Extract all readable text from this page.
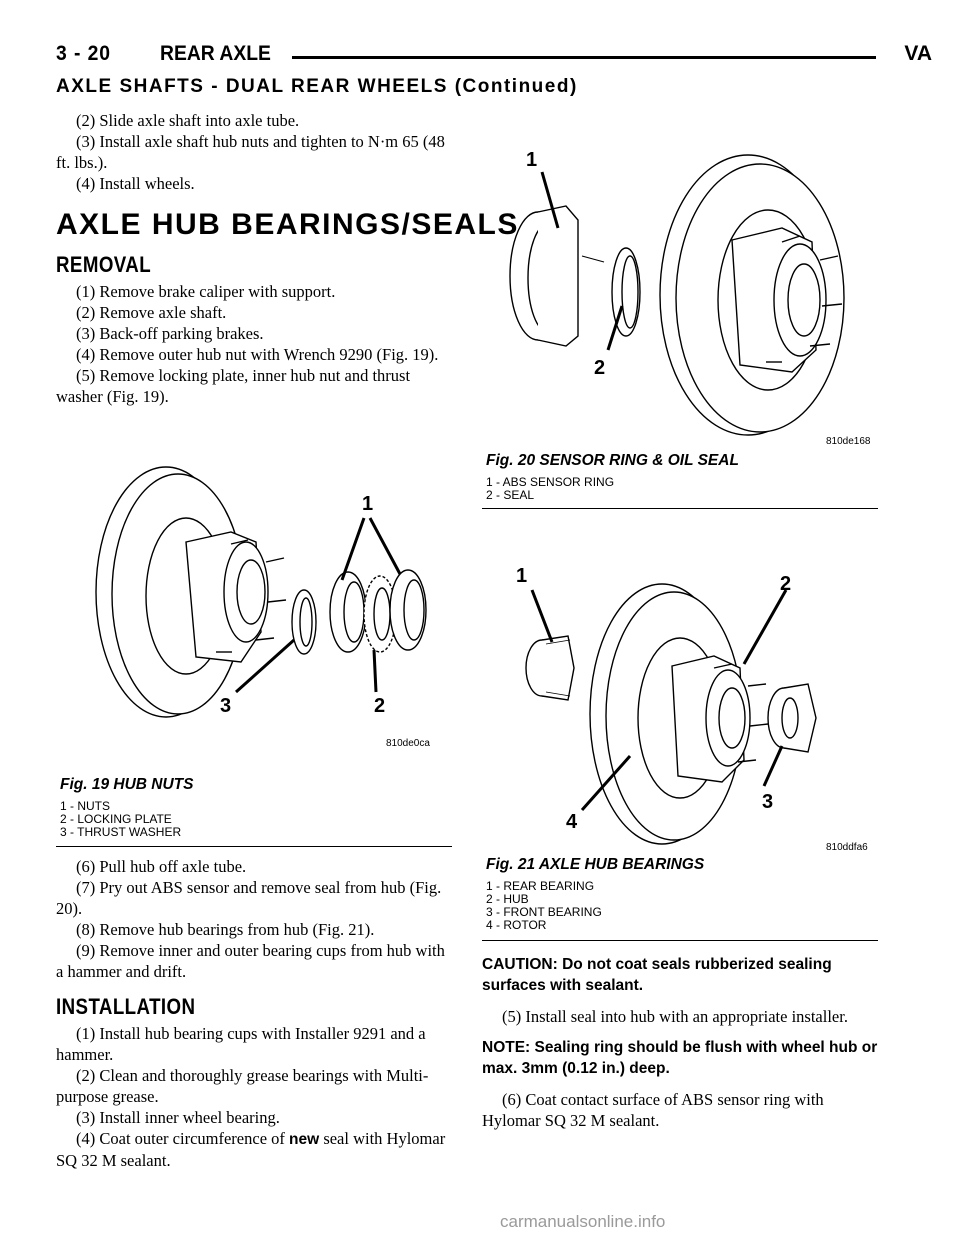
3 - 20 REAR AXLE	VA
AXLE SHAFTS - DUAL REAR WHEELS (Continued)

(2) Slide axle shaft into axle tube.

(3) Install axle shaft hub nuts and tighten to N·m 65 (48 ft. lbs.).

(4) Install wheels.

AXLE HUB BEARINGS/SEALS
REMOVAL

(1) Remove brake caliper with support.

(2) Remove axle shaft.

(3) Back-off parking brakes.

(4) Remove outer hub nut with Wrench 9290 (Fig. 19).

(5) Remove locking plate, inner hub nut and thrust washer (Fig. 19).

1
2
3
810de0ca
Fig. 19 HUB NUTS
1 - NUTS
2 - LOCKING PLATE
3 - THRUST WASHER

(6) Pull hub off axle tube.

(7) Pry out ABS sensor and remove seal from hub (Fig. 20).

(8) Remove hub bearings from hub (Fig. 21).

(9) Remove inner and outer bearing cups from hub with a hammer and drift.

INSTALLATION

(1) Install hub bearing cups with Installer 9291 and a hammer.

(2) Clean and thoroughly grease bearings with Multi-purpose grease.

(3) Install inner wheel bearing.

(4) Coat outer circumference of new seal with Hylomar SQ 32 M sealant.

1
2
810de168
Fig. 20 SENSOR RING & OIL SEAL
1 - ABS SENSOR RING
2 - SEAL
1	2
3
4
810ddfa6
Fig. 21 AXLE HUB BEARINGS
1 - REAR BEARING
2 - HUB
3 - FRONT BEARING
4 - ROTOR

CAUTION: Do not coat seals rubberized sealing surfaces with sealant.

(5) Install seal into hub with an appropriate installer.

NOTE: Sealing ring should be flush with wheel hub or max. 3mm (0.12 in.) deep.

(6) Coat contact surface of ABS sensor ring with Hylomar SQ 32 M sealant.

carmanualsonline.info
